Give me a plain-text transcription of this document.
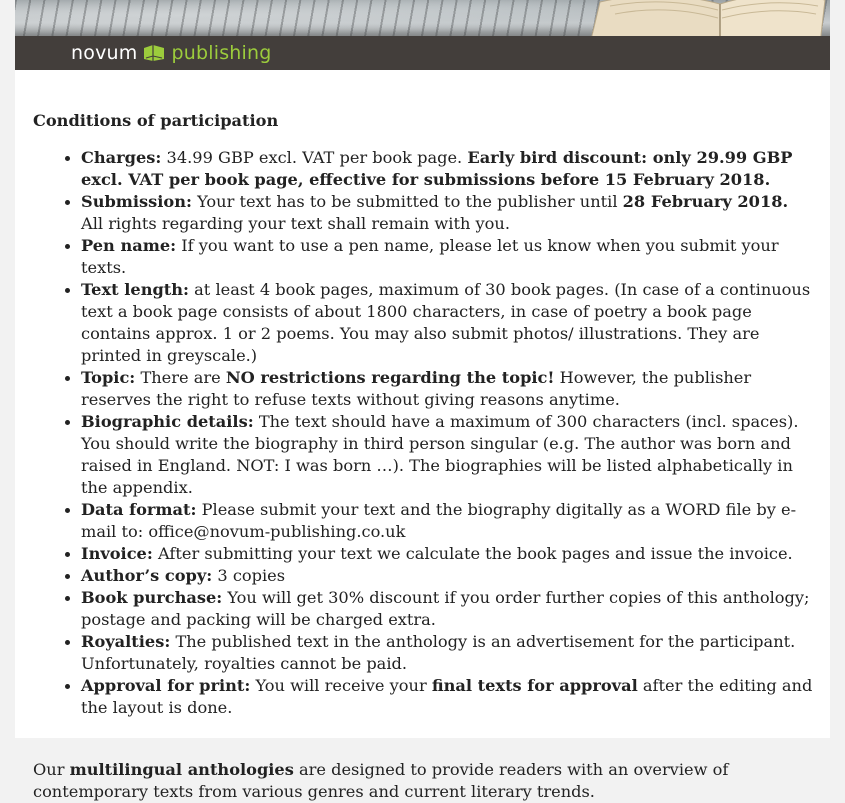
novum publishing
Conditions of participation
• Charges: 34.99 GBP excl. VAT per book page. Early bird discount: only 29.99 GBP excl. VAT per book page, effective for submissions before 15 February 2018.
• Submission: Your text has to be submitted to the publisher until 28 February 2018. All rights regarding your text shall remain with you.
• Pen name: If you want to use a pen name, please let us know when you submit your texts.
• Text length: at least 4 book pages, maximum of 30 book pages. (In case of a continuous text a book page consists of about 1800 characters, in case of poetry a book page contains approx. 1 or 2 poems. You may also submit photos/ illustrations. They are printed in greyscale.)
• Topic: There are NO restrictions regarding the topic! However, the publisher reserves the right to refuse texts without giving reasons anytime.
• Biographic details: The text should have a maximum of 300 characters (incl. spaces). You should write the biography in third person singular (e.g. The author was born and raised in England. NOT: I was born …). The biographies will be listed alphabetically in the appendix.
• Data format: Please submit your text and the biography digitally as a WORD file by e-mail to: office@novum-publishing.co.uk
• Invoice: After submitting your text we calculate the book pages and issue the invoice.
• Author’s copy: 3 copies
• Book purchase: You will get 30% discount if you order further copies of this anthology; postage and packing will be charged extra.
• Royalties: The published text in the anthology is an advertisement for the participant. Unfortunately, royalties cannot be paid.
• Approval for print: You will receive your final texts for approval after the editing and the layout is done.

Our multilingual anthologies are designed to provide readers with an overview of contemporary texts from various genres and current literary trends.
